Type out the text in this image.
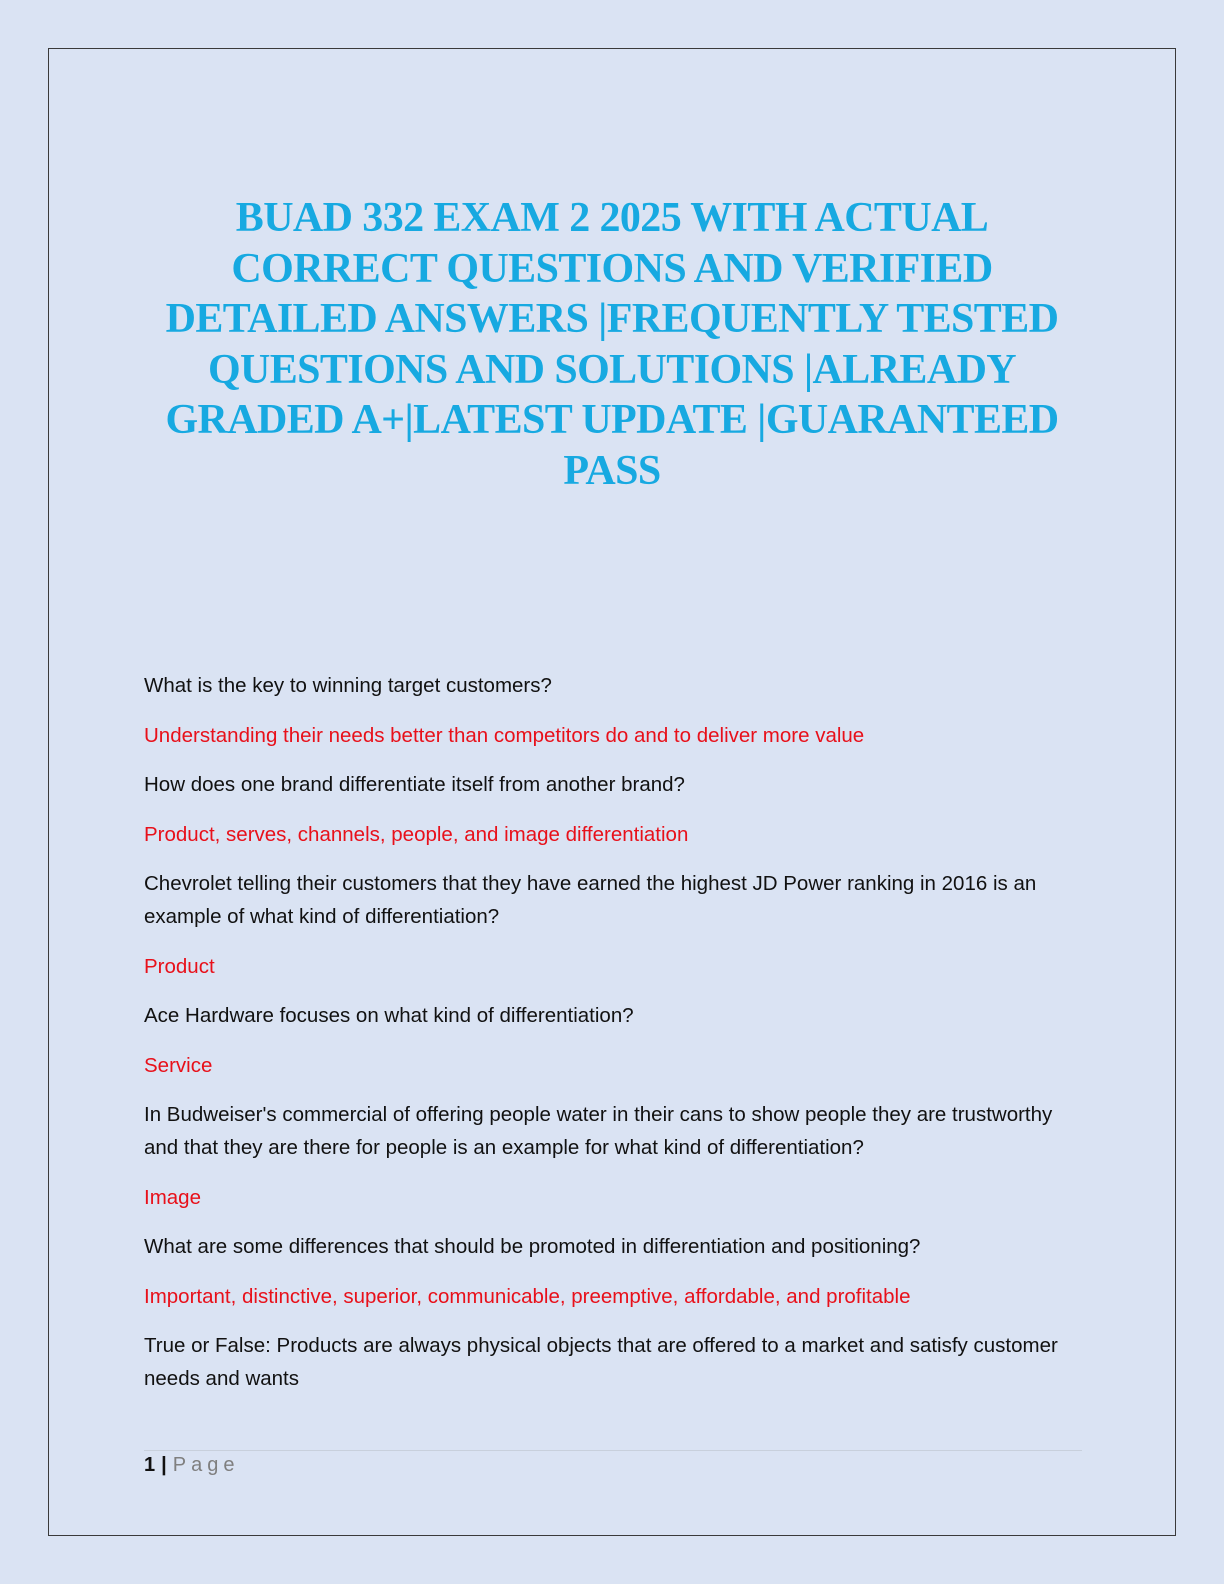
BUAD 332 EXAM 2 2025 WITH ACTUAL
CORRECT QUESTIONS AND VERIFIED
DETAILED ANSWERS |FREQUENTLY TESTED
QUESTIONS AND SOLUTIONS |ALREADY
GRADED A+|LATEST UPDATE |GUARANTEED
PASS

What is the key to winning target customers?

Understanding their needs better than competitors do and to deliver more value

How does one brand differentiate itself from another brand?

Product, serves, channels, people, and image differentiation

Chevrolet telling their customers that they have earned the highest JD Power ranking in 2016 is an example of what kind of differentiation?

Product

Ace Hardware focuses on what kind of differentiation?

Service

In Budweiser's commercial of offering people water in their cans to show people they are trustworthy and that they are there for people is an example for what kind of differentiation?

Image

What are some differences that should be promoted in differentiation and positioning?

Important, distinctive, superior, communicable, preemptive, affordable, and profitable

True or False: Products are always physical objects that are offered to a market and satisfy customer needs and wants

1 | Page
